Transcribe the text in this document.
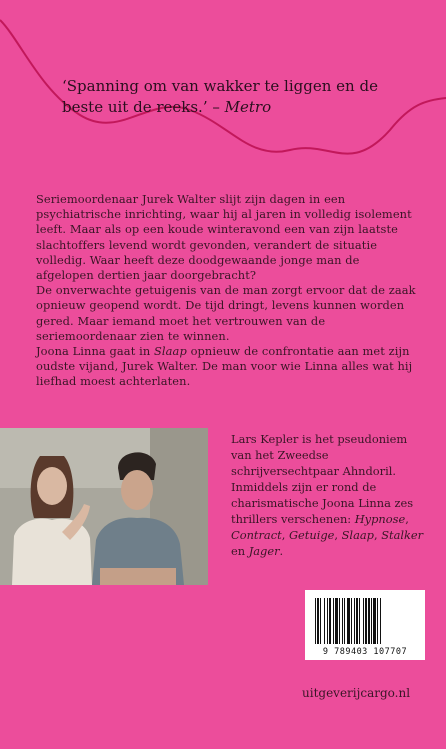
‘Spanning om van wakker te liggen en de beste uit de reeks.’ – Metro

Seriemoordenaar Jurek Walter slijt zijn dagen in een psychiatrische inrichting, waar hij al jaren in volledig isolement leeft. Maar als op een koude winteravond een van zijn laatste slachtoffers levend wordt gevonden, verandert de situatie volledig. Waar heeft deze doodgewaande jonge man de afgelopen dertien jaar doorgebracht?

De onverwachte getuigenis van de man zorgt ervoor dat de zaak opnieuw geopend wordt. De tijd dringt, levens kunnen worden gered. Maar iemand moet het vertrouwen van de seriemoordenaar zien te winnen.

Joona Linna gaat in Slaap opnieuw de confrontatie aan met zijn oudste vijand, Jurek Walter. De man voor wie Linna alles wat hij liefhad moest achterlaten.

Lars Kepler is het pseudoniem van het Zweedse schrijversechtpaar Ahndoril. Inmiddels zijn er rond de charismatische Joona Linna zes thrillers verschenen: Hypnose, Contract, Getuige, Slaap, Stalker en Jager.
9 789403 107707
uitgeverijcargo.nl
